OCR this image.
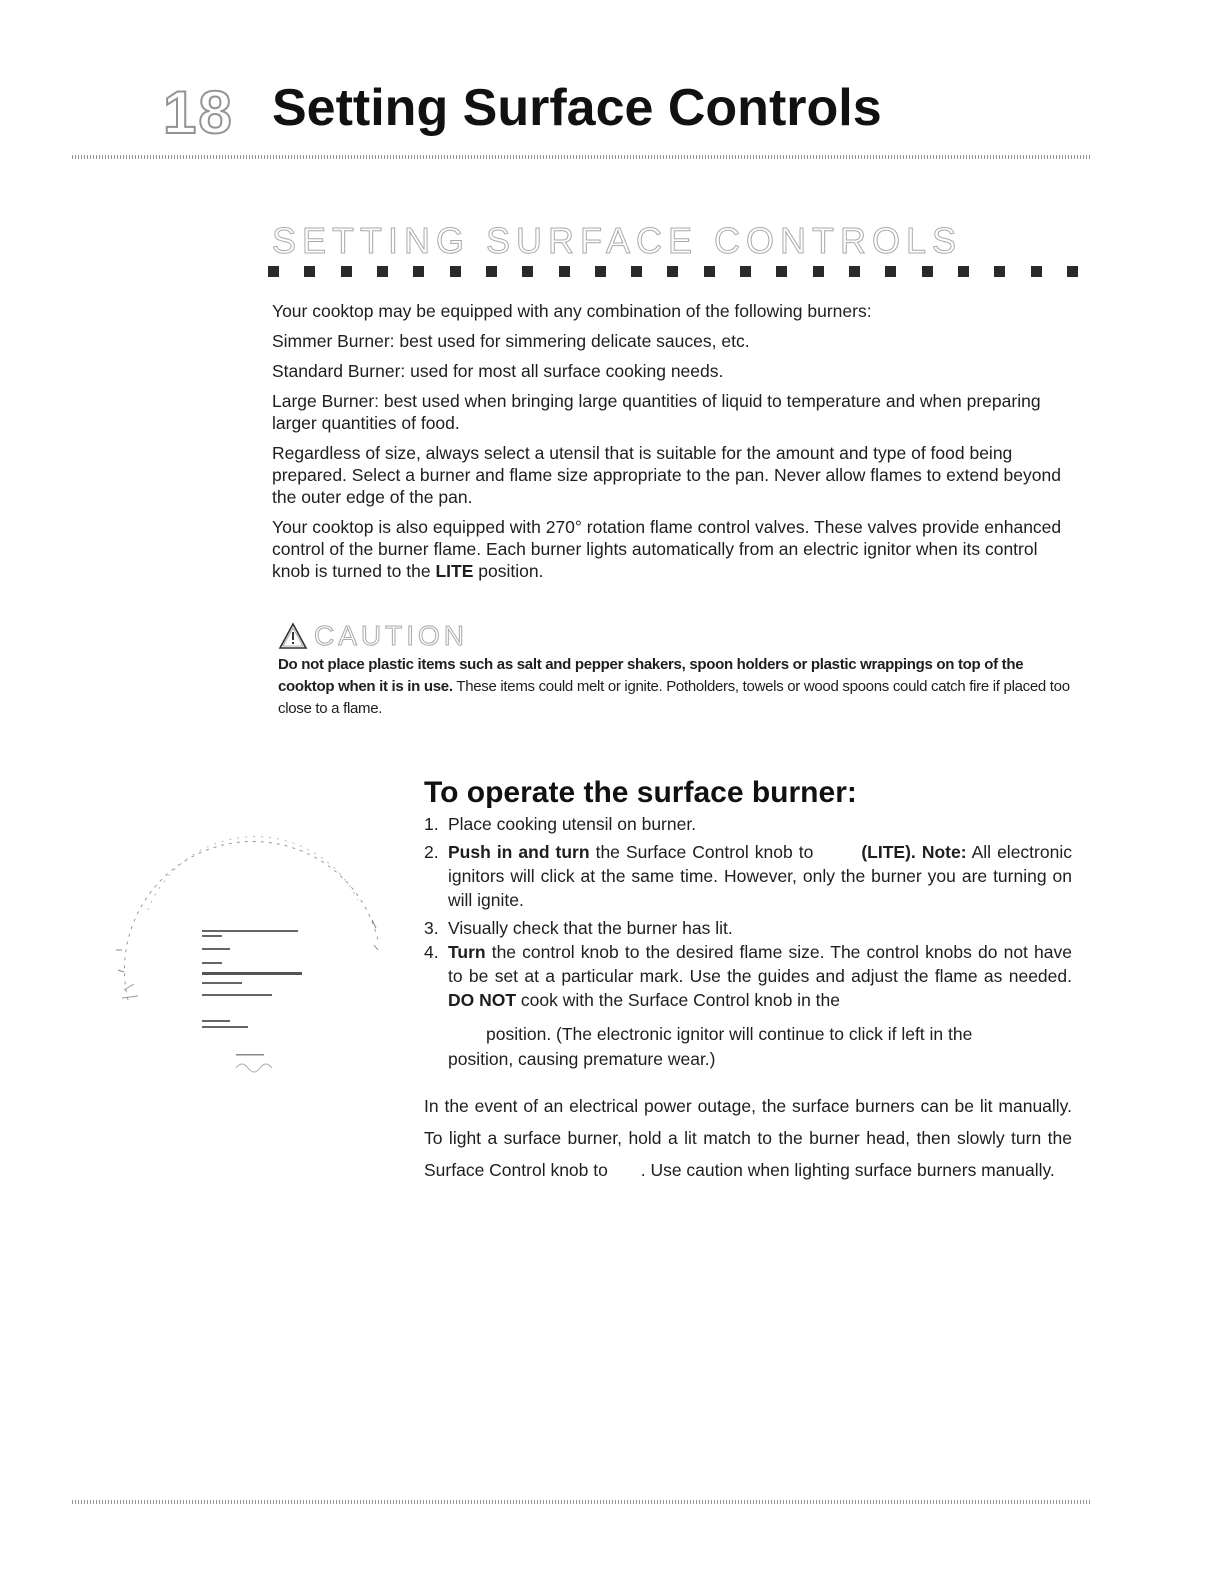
18 Setting Surface Controls
SETTING SURFACE CONTROLS

Your cooktop may be equipped with any combination of the following burners:

Simmer Burner: best used for simmering delicate sauces, etc.

Standard Burner: used for most all surface cooking needs.

Large Burner: best used when bringing large quantities of liquid to temperature and when preparing larger quantities of food.

Regardless of size, always select a utensil that is suitable for the amount and type of food being prepared. Select a burner and flame size appropriate to the pan. Never allow flames to extend beyond the outer edge of the pan.

Your cooktop is also equipped with 270° rotation flame control valves. These valves provide enhanced control of the burner flame. Each burner lights automatically from an electric ignitor when its control knob is turned to the LITE position.

CAUTION
Do not place plastic items such as salt and pepper shakers, spoon holders or plastic wrappings on top of the cooktop when it is in use. These items could melt or ignite. Potholders, towels or wood spoons could catch fire if placed too close to a flame.
To operate the surface burner:
1. Place cooking utensil on burner.
2. Push in and turn the Surface Control knob to (LITE). Note: All electronic ignitors will click at the same time. However, only the burner you are turning on will ignite.
3. Visually check that the burner has lit.
4. Turn the control knob to the desired flame size. The control knobs do not have to be set at a particular mark. Use the guides and adjust the flame as needed. DO NOT cook with the Surface Control knob in the
position. (The electronic ignitor will continue to click if left in the
position, causing premature wear.)
In the event of an electrical power outage, the surface burners can be lit manually. To light a surface burner, hold a lit match to the burner head, then slowly turn the Surface Control knob to . Use caution when lighting surface burners manually.
